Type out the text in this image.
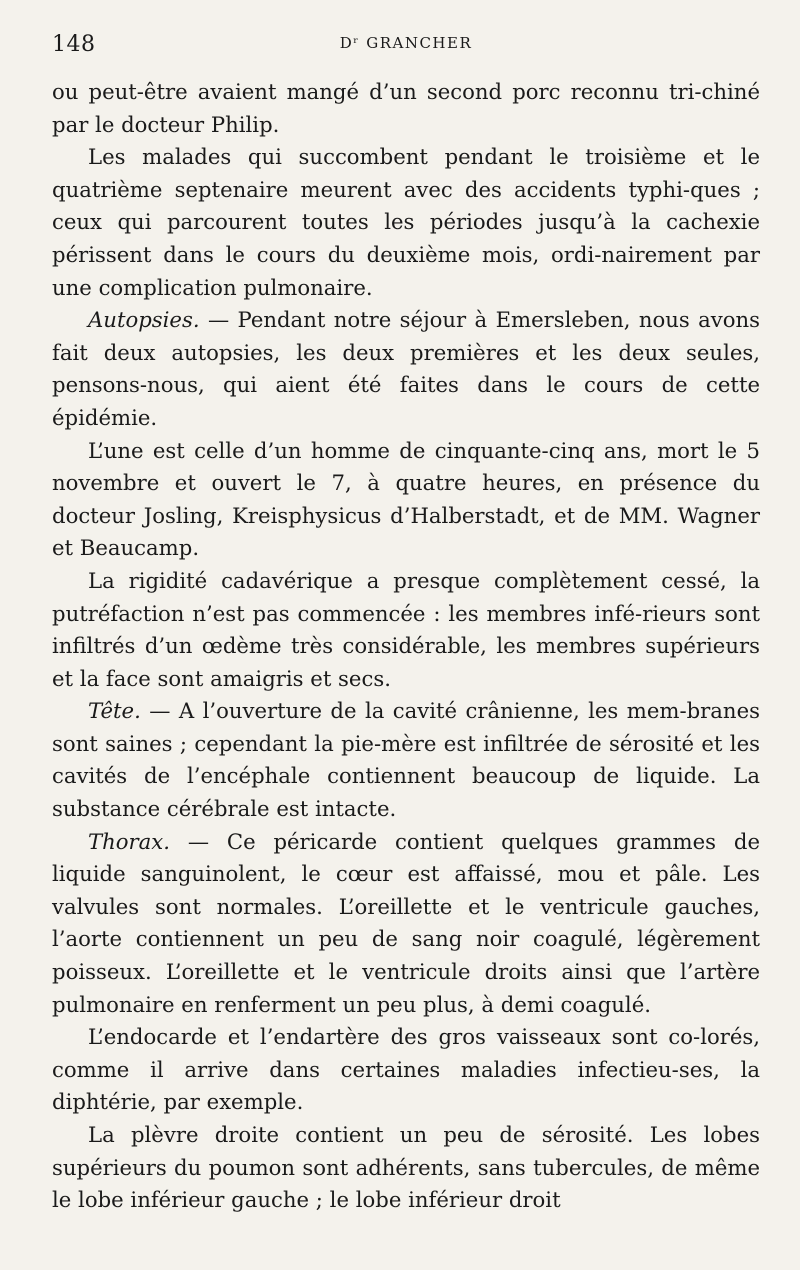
148	Dʳ GRANCHER

ou peut-être avaient mangé d’un second porc reconnu tri-chiné par le docteur Philip.

Les malades qui succombent pendant le troisième et le quatrième septenaire meurent avec des accidents typhi-ques ; ceux qui parcourent toutes les périodes jusqu’à la cachexie périssent dans le cours du deuxième mois, ordi-nairement par une complication pulmonaire.

Autopsies. — Pendant notre séjour à Emersleben, nous avons fait deux autopsies, les deux premières et les deux seules, pensons-nous, qui aient été faites dans le cours de cette épidémie.

L’une est celle d’un homme de cinquante-cinq ans, mort le 5 novembre et ouvert le 7, à quatre heures, en présence du docteur Josling, Kreisphysicus d’Halberstadt, et de MM. Wagner et Beaucamp.

La rigidité cadavérique a presque complètement cessé, la putréfaction n’est pas commencée : les membres infé-rieurs sont infiltrés d’un œdème très considérable, les membres supérieurs et la face sont amaigris et secs.

Tête. — A l’ouverture de la cavité crânienne, les mem-branes sont saines ; cependant la pie-mère est infiltrée de sérosité et les cavités de l’encéphale contiennent beaucoup de liquide. La substance cérébrale est intacte.

Thorax. — Ce péricarde contient quelques grammes de liquide sanguinolent, le cœur est affaissé, mou et pâle. Les valvules sont normales. L’oreillette et le ventricule gauches, l’aorte contiennent un peu de sang noir coagulé, légèrement poisseux. L’oreillette et le ventricule droits ainsi que l’artère pulmonaire en renferment un peu plus, à demi coagulé.

L’endocarde et l’endartère des gros vaisseaux sont co-lorés, comme il arrive dans certaines maladies infectieu-ses, la diphtérie, par exemple.

La plèvre droite contient un peu de sérosité. Les lobes supérieurs du poumon sont adhérents, sans tubercules, de même le lobe inférieur gauche ; le lobe inférieur droit
